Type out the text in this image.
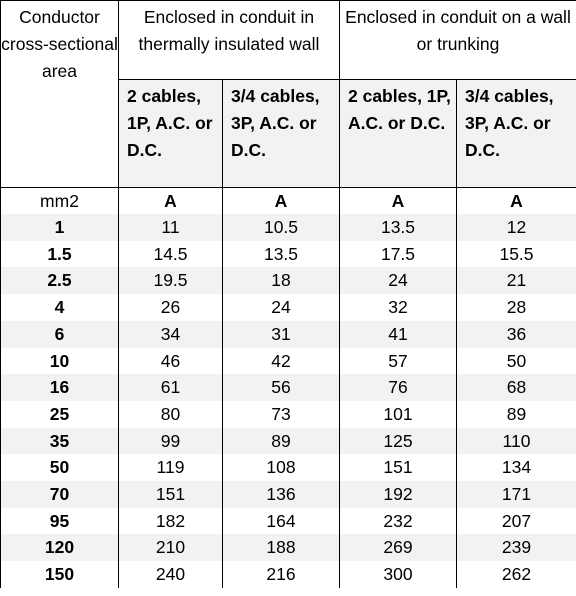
Conductor cross-sectional area	Enclosed in conduit in thermally insulated wall		Enclosed in conduit on a wall or trunking	
	2 cables, 1P, A.C. or D.C.	3/4 cables, 3P, A.C. or D.C.	2 cables, 1P, A.C. or D.C.	3/4 cables, 3P, A.C. or D.C.
mm2	A	A	A	A
1	11	10.5	13.5	12
1.5	14.5	13.5	17.5	15.5
2.5	19.5	18	24	21
4	26	24	32	28
6	34	31	41	36
10	46	42	57	50
16	61	56	76	68
25	80	73	101	89
35	99	89	125	110
50	119	108	151	134
70	151	136	192	171
95	182	164	232	207
120	210	188	269	239
150	240	216	300	262
